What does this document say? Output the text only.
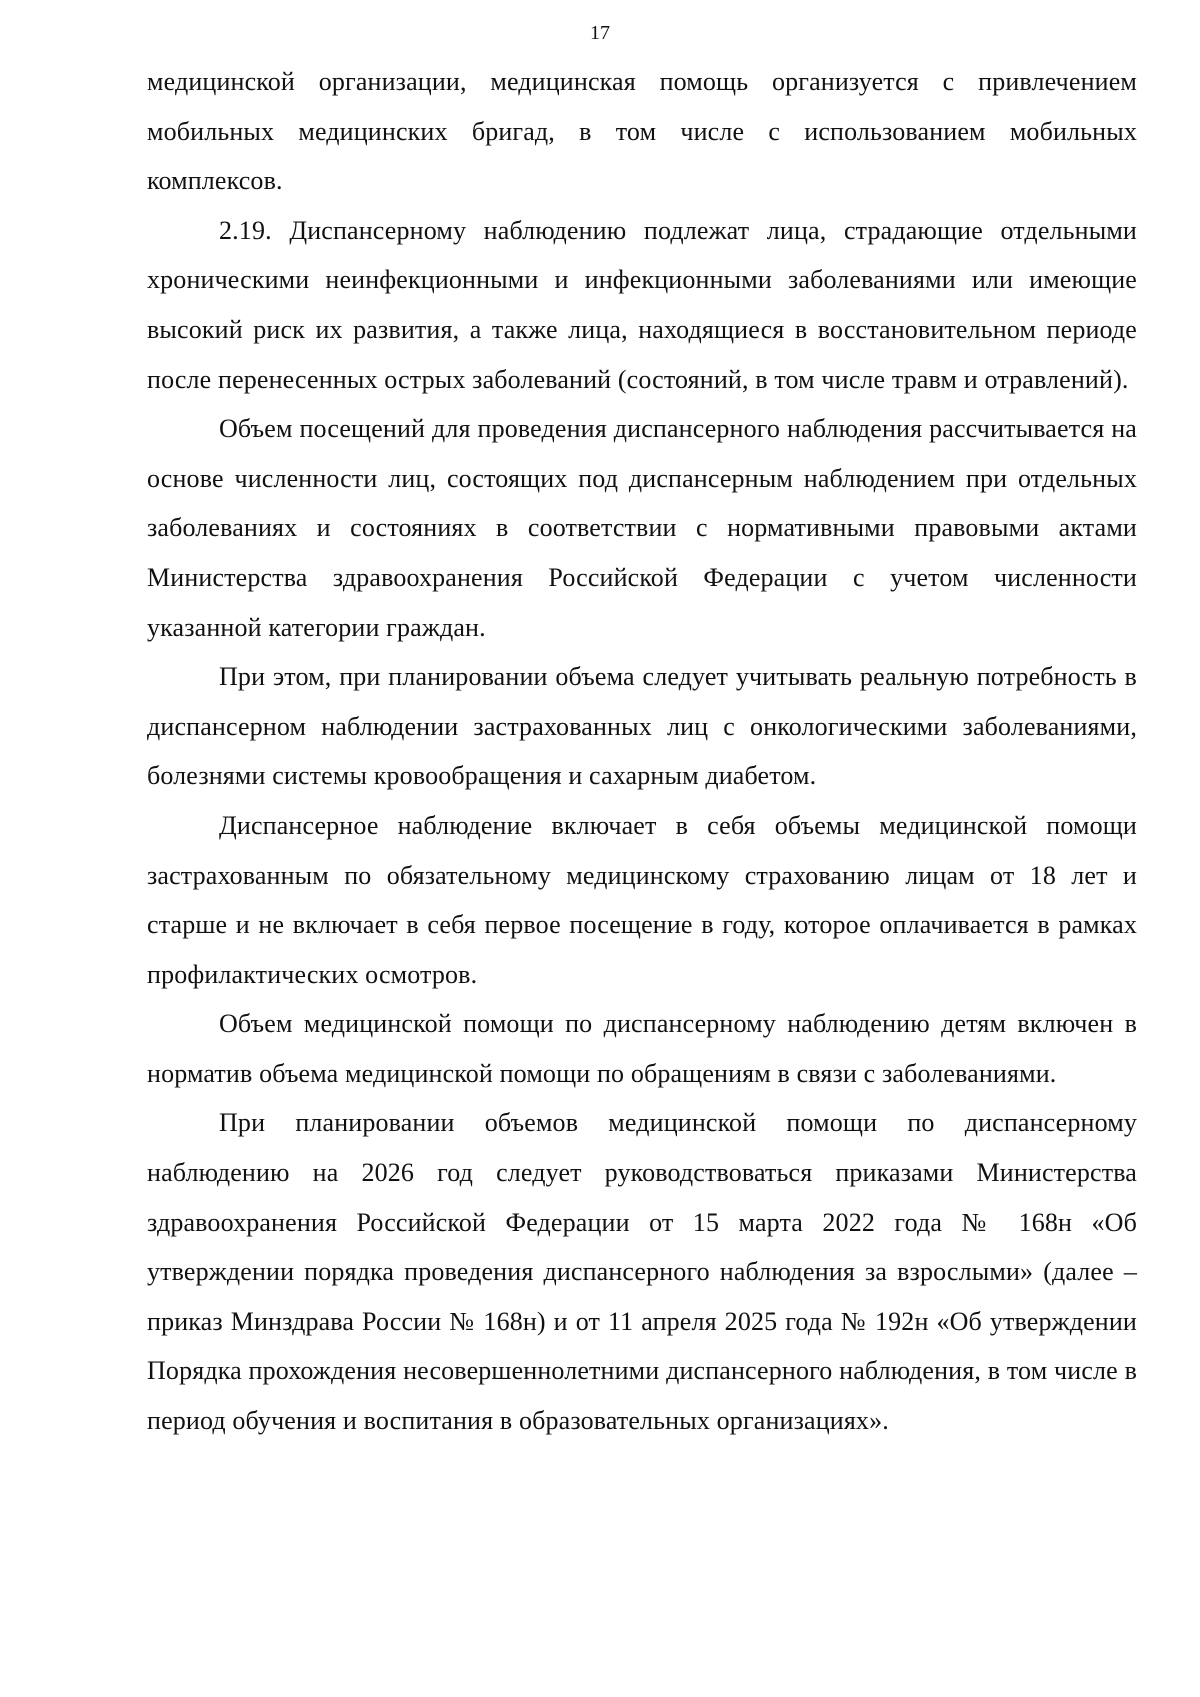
17

медицинской организации, медицинская помощь организуется с привлечением мобильных медицинских бригад, в том числе с использованием мобильных комплексов.

2.19. Диспансерному наблюдению подлежат лица, страдающие отдельными хроническими неинфекционными и инфекционными заболеваниями или имеющие высокий риск их развития, а также лица, находящиеся в восстановительном периоде после перенесенных острых заболеваний (состояний, в том числе травм и отравлений).

Объем посещений для проведения диспансерного наблюдения рассчитывается на основе численности лиц, состоящих под диспансерным наблюдением при отдельных заболеваниях и состояниях в соответствии с нормативными правовыми актами Министерства здравоохранения Российской Федерации с учетом численности указанной категории граждан.

При этом, при планировании объема следует учитывать реальную потребность в диспансерном наблюдении застрахованных лиц с онкологическими заболеваниями, болезнями системы кровообращения и сахарным диабетом.

Диспансерное наблюдение включает в себя объемы медицинской помощи застрахованным по обязательному медицинскому страхованию лицам от 18 лет и старше и не включает в себя первое посещение в году, которое оплачивается в рамках профилактических осмотров.

Объем медицинской помощи по диспансерному наблюдению детям включен в норматив объема медицинской помощи по обращениям в связи с заболеваниями.

При планировании объемов медицинской помощи по диспансерному наблюдению на 2026 год следует руководствоваться приказами Министерства здравоохранения Российской Федерации от 15 марта 2022 года № 168н «Об утверждении порядка проведения диспансерного наблюдения за взрослыми» (далее – приказ Минздрава России № 168н) и от 11 апреля 2025 года № 192н «Об утверждении Порядка прохождения несовершеннолетними диспансерного наблюдения, в том числе в период обучения и воспитания в образовательных организациях».
